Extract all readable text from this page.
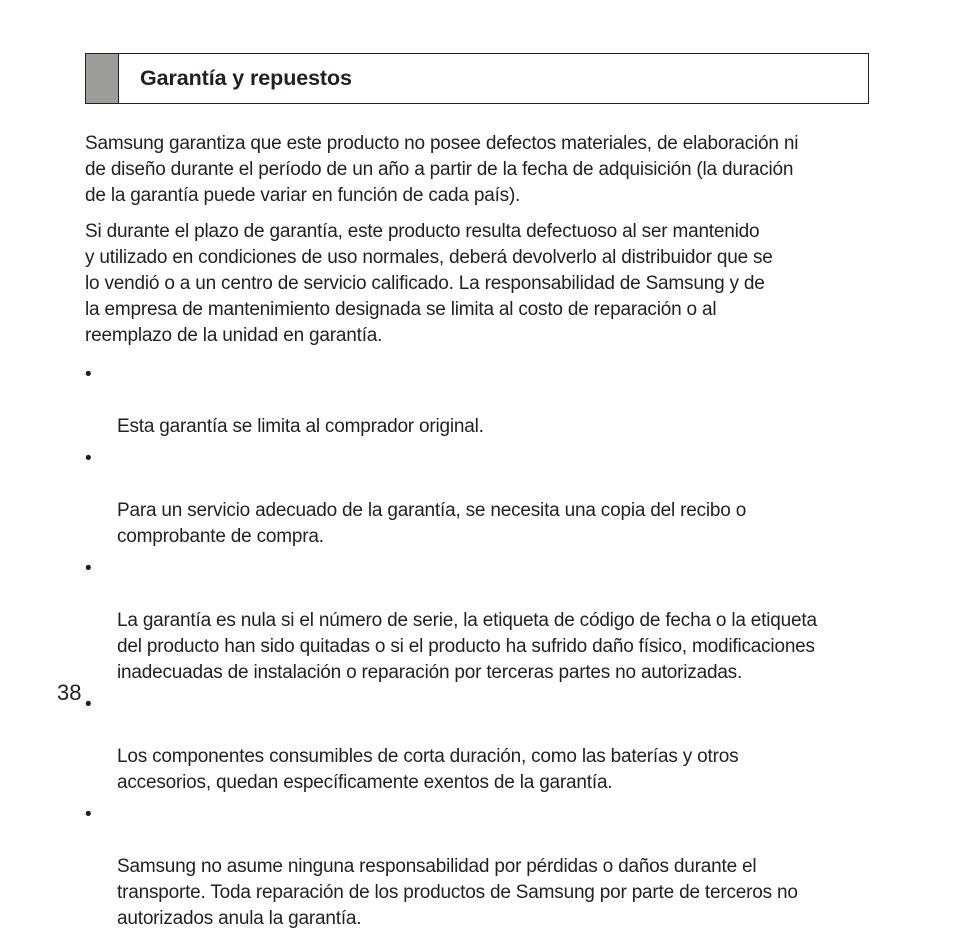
Garantía y repuestos

Samsung garantiza que este producto no posee defectos materiales, de elaboración ni
de diseño durante el período de un año a partir de la fecha de adquisición (la duración
de la garantía puede variar en función de cada país).

Si durante el plazo de garantía, este producto resulta defectuoso al ser mantenido
y utilizado en condiciones de uso normales, deberá devolverlo al distribuidor que se
lo vendió o a un centro de servicio calificado. La responsabilidad de Samsung y de
la empresa de mantenimiento designada se limita al costo de reparación o al
reemplazo de la unidad en garantía.

•

Esta garantía se limita al comprador original.

•

Para un servicio adecuado de la garantía, se necesita una copia del recibo o
comprobante de compra.

•

La garantía es nula si el número de serie, la etiqueta de código de fecha o la etiqueta
del producto han sido quitadas o si el producto ha sufrido daño físico, modificaciones
inadecuadas de instalación o reparación por terceras partes no autorizadas.

•

Los componentes consumibles de corta duración, como las baterías y otros
accesorios, quedan específicamente exentos de la garantía.

•

Samsung no asume ninguna responsabilidad por pérdidas o daños durante el
transporte. Toda reparación de los productos de Samsung por parte de terceros no
autorizados anula la garantía.

38
